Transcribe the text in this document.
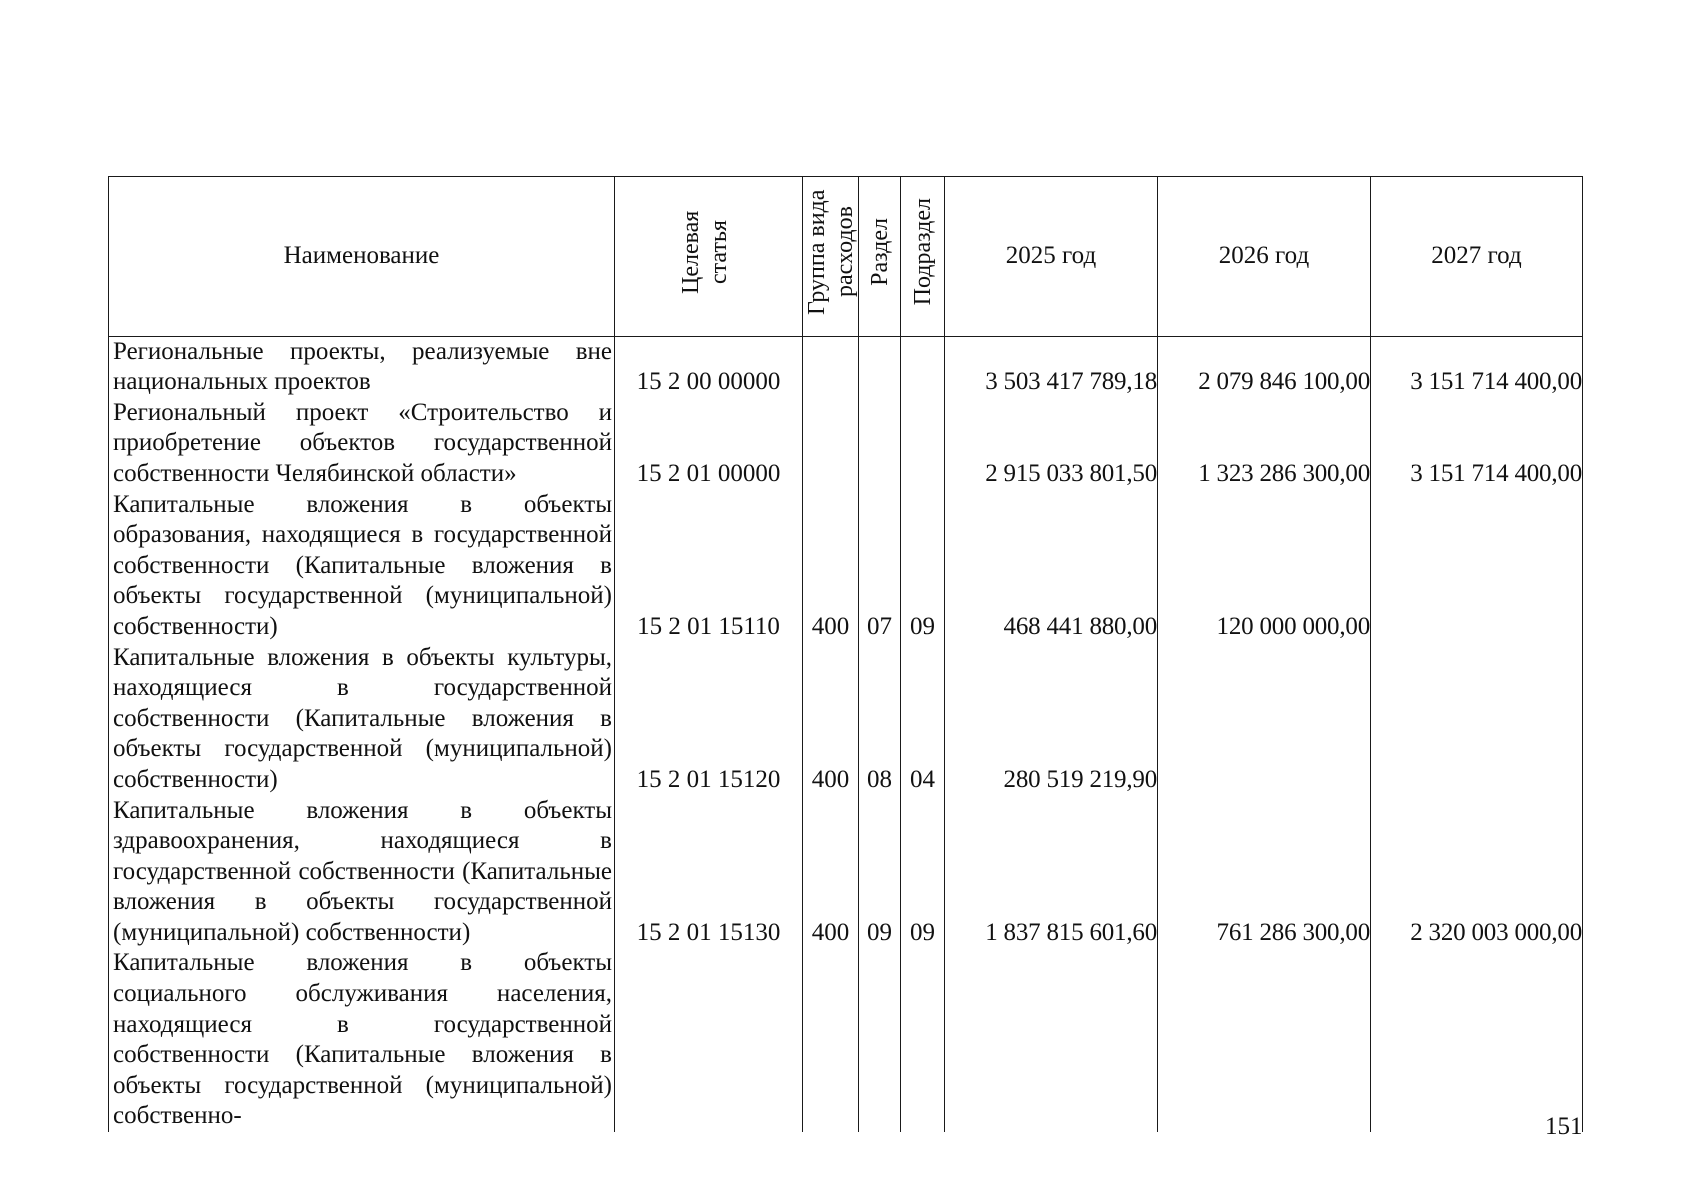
Наименование	Целевая статья	Группа вида расходов	Раздел	Подраздел	2025 год	2026 год	2027 год
Региональные проекты, реализуемые вне национальных проектов	15 2 00 00000				3 503 417 789,18	2 079 846 100,00	3 151 714 400,00
Региональный проект «Строительство и приобретение объектов государственной собственности Челябинской области»	15 2 01 00000				2 915 033 801,50	1 323 286 300,00	3 151 714 400,00
Капитальные вложения в объекты образования, находящиеся в государственной собственности (Капитальные вложения в объекты государственной (муниципальной) собственности)	15 2 01 15110	400	07	09	468 441 880,00	120 000 000,00	
Капитальные вложения в объекты культуры, находящиеся в государственной собственности (Капитальные вложения в объекты государственной (муниципальной) собственности)	15 2 01 15120	400	08	04	280 519 219,90		
Капитальные вложения в объекты здравоохранения, находящиеся в государственной собственности (Капитальные вложения в объекты государственной (муниципальной) собственности)	15 2 01 15130	400	09	09	1 837 815 601,60	761 286 300,00	2 320 003 000,00
Капитальные вложения в объекты социального обслуживания населения, находящиеся в государственной собственности (Капитальные вложения в объекты государственной (муниципальной) собственно-								151
